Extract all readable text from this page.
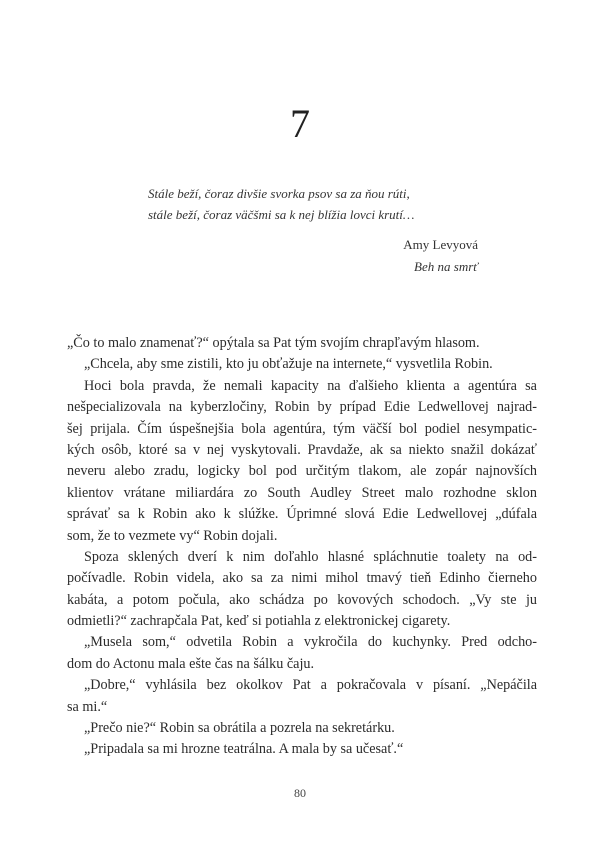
7
Stále beží, čoraz divšie svorka psov sa za ňou rúti,
stále beží, čoraz väčšmi sa k nej blížia lovci krutí…
Amy Levyová
Beh na smrť
„Čo to malo znamenať?“ opýtala sa Pat tým svojím chrapľavým hlasom.
„Chcela, aby sme zistili, kto ju obťažuje na internete,“ vysvetlila Robin.
Hoci bola pravda, že nemali kapacity na ďalšieho klienta a agentúra sa
nešpecializovala na kyberzločiny, Robin by prípad Edie Ledwellovej najrad-
šej prijala. Čím úspešnejšia bola agentúra, tým väčší bol podiel nesympatic-
kých osôb, ktoré sa v nej vyskytovali. Pravdaže, ak sa niekto snažil dokázať
neveru alebo zradu, logicky bol pod určitým tlakom, ale zopár najnovších
klientov vrátane miliardára zo South Audley Street malo rozhodne sklon
správať sa k Robin ako k slúžke. Úprimné slová Edie Ledwellovej „dúfala
som, že to vezmete vy“ Robin dojali.
Spoza sklených dverí k nim doľahlo hlasné spláchnutie toalety na od-
počívadle. Robin videla, ako sa za nimi mihol tmavý tieň Edinho čierneho
kabáta, a potom počula, ako schádza po kovových schodoch. „Vy ste ju
odmietli?“ zachrapčala Pat, keď si potiahla z elektronickej cigarety.
„Musela som,“ odvetila Robin a vykročila do kuchynky. Pred odcho-
dom do Actonu mala ešte čas na šálku čaju.
„Dobre,“ vyhlásila bez okolkov Pat a pokračovala v písaní. „Nepáčila
sa mi.“
„Prečo nie?“ Robin sa obrátila a pozrela na sekretárku.
„Pripadala sa mi hrozne teatrálna. A mala by sa učesať.“
80
